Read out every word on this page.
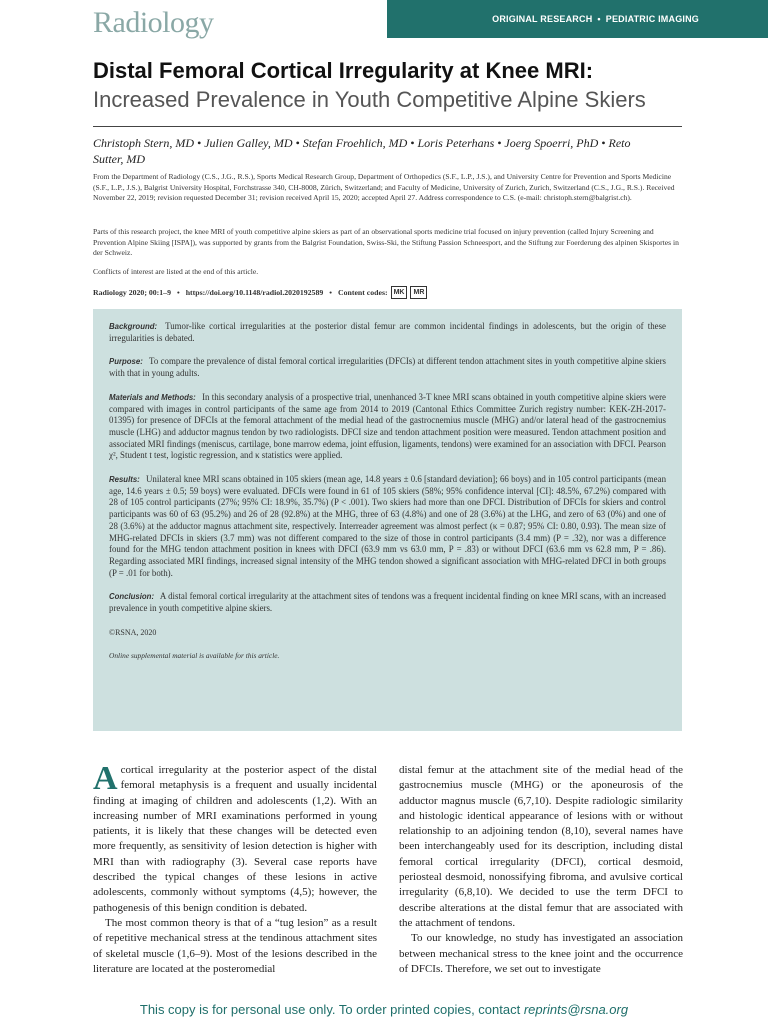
Radiology	ORIGINAL RESEARCH • PEDIATRIC IMAGING
Distal Femoral Cortical Irregularity at Knee MRI: Increased Prevalence in Youth Competitive Alpine Skiers
Christoph Stern, MD • Julien Galley, MD • Stefan Froehlich, MD • Loris Peterhans • Joerg Spoerri, PhD • Reto Sutter, MD
From the Department of Radiology (C.S., J.G., R.S.), Sports Medical Research Group, Department of Orthopedics (S.F., L.P., J.S.), and University Centre for Prevention and Sports Medicine (S.F., L.P., J.S.), Balgrist University Hospital, Forchstrasse 340, CH-8008, Zürich, Switzerland; and Faculty of Medicine, University of Zurich, Zurich, Switzerland (C.S., J.G., R.S.). Received November 22, 2019; revision requested December 31; revision received April 15, 2020; accepted April 27. Address correspondence to C.S. (e-mail: christoph.stern@balgrist.ch).
Parts of this research project, the knee MRI of youth competitive alpine skiers as part of an observational sports medicine trial focused on injury prevention (called Injury Screening and Prevention Alpine Skiing [ISPA]), was supported by grants from the Balgrist Foundation, Swiss-Ski, the Stiftung Passion Schneesport, and the Stiftung zur Foerderung des alpinen Skisportes in der Schweiz.
Conflicts of interest are listed at the end of this article.
Radiology 2020; 00:1–9 • https://doi.org/10.1148/radiol.2020192589 • Content codes: MK	MR

Background: Tumor-like cortical irregularities at the posterior distal femur are common incidental findings in adolescents, but the origin of these irregularities is debated.

Purpose: To compare the prevalence of distal femoral cortical irregularities (DFCIs) at different tendon attachment sites in youth competitive alpine skiers with that in young adults.

Materials and Methods: In this secondary analysis of a prospective trial, unenhanced 3-T knee MRI scans obtained in youth competitive alpine skiers were compared with images in control participants of the same age from 2014 to 2019 (Cantonal Ethics Committee Zurich registry number: KEK-ZH-2017-01395) for presence of DFCIs at the femoral attachment of the medial head of the gastrocnemius muscle (MHG) and/or lateral head of the gastrocnemius muscle (LHG) and adductor magnus tendon by two radiologists. DFCI size and tendon attachment position were measured. Tendon attachment position and associated MRI findings (meniscus, cartilage, bone marrow edema, joint effusion, ligaments, tendons) were examined for an association with DFCI. Pearson χ², Student t test, logistic regression, and κ statistics were applied.

Results: Unilateral knee MRI scans obtained in 105 skiers (mean age, 14.8 years ± 0.6 [standard deviation]; 66 boys) and in 105 control participants (mean age, 14.6 years ± 0.5; 59 boys) were evaluated. DFCIs were found in 61 of 105 skiers (58%; 95% confidence interval [CI]: 48.5%, 67.2%) compared with 28 of 105 control participants (27%; 95% CI: 18.9%, 35.7%) (P < .001). Two skiers had more than one DFCI. Distribution of DFCIs for skiers and control participants was 60 of 63 (95.2%) and 26 of 28 (92.8%) at the MHG, three of 63 (4.8%) and one of 28 (3.6%) at the LHG, and zero of 63 (0%) and one of 28 (3.6%) at the adductor magnus attachment site, respectively. Interreader agreement was almost perfect (κ = 0.87; 95% CI: 0.80, 0.93). The mean size of MHG-related DFCIs in skiers (3.7 mm) was not different compared to the size of those in control participants (3.4 mm) (P = .32), nor was a difference found for the MHG tendon attachment position in knees with DFCI (63.9 mm vs 63.0 mm, P = .83) or without DFCI (63.6 mm vs 62.8 mm, P = .86). Regarding associated MRI findings, increased signal intensity of the MHG tendon showed a significant association with MHG-related DFCI in both groups (P = .01 for both).

Conclusion: A distal femoral cortical irregularity at the attachment sites of tendons was a frequent incidental finding on knee MRI scans, with an increased prevalence in youth competitive alpine skiers.

©RSNA, 2020
Online supplemental material is available for this article.

Acortical irregularity at the posterior aspect of the distal femoral metaphysis is a frequent and usually incidental finding at imaging of children and adolescents (1,2). With an increasing number of MRI examinations performed in young patients, it is likely that these changes will be detected even more frequently, as sensitivity of lesion detection is higher with MRI than with radiography (3). Several case reports have described the typical changes of these lesions in active adolescents, commonly without symptoms (4,5); however, the pathogenesis of this benign condition is debated.

The most common theory is that of a “tug lesion” as a result of repetitive mechanical stress at the tendinous attachment sites of skeletal muscle (1,6–9). Most of the lesions described in the literature are located at the posteromedial

distal femur at the attachment site of the medial head of the gastrocnemius muscle (MHG) or the aponeurosis of the adductor magnus muscle (6,7,10). Despite radiologic similarity and histologic identical appearance of lesions with or without relationship to an adjoining tendon (8,10), several names have been interchangeably used for its description, including distal femoral cortical irregularity (DFCI), cortical desmoid, periosteal desmoid, nonossifying fibroma, and avulsive cortical irregularity (6,8,10). We decided to use the term DFCI to describe alterations at the distal femur that are associated with the attachment of tendons.

To our knowledge, no study has investigated an association between mechanical stress to the knee joint and the occurrence of DFCIs. Therefore, we set out to investigate

This copy is for personal use only. To order printed copies, contact reprints@rsna.org
